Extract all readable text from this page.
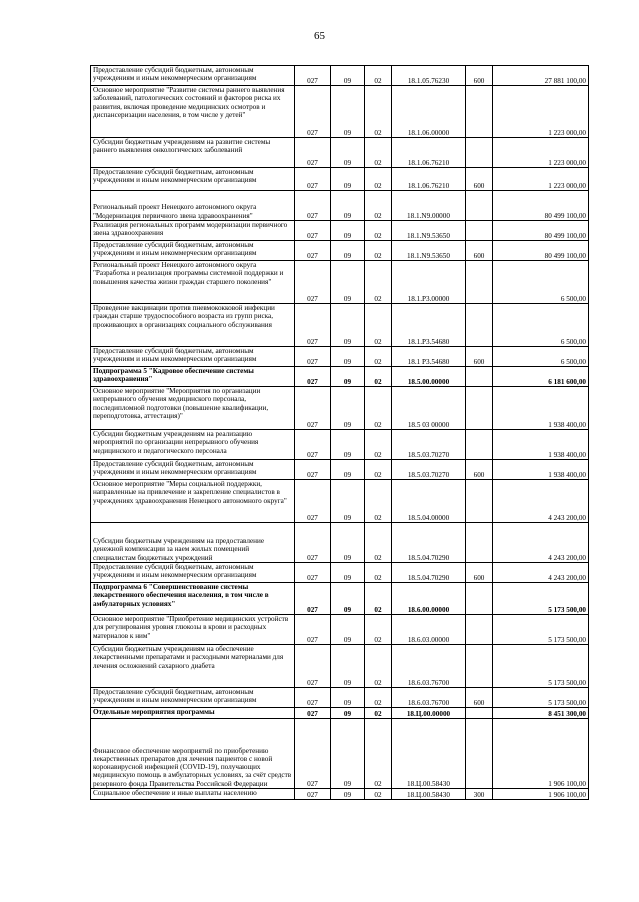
65
Предоставление субсидий бюджетным, автономным учреждениям и иным некоммерческим организациям	027	09	02	18.1.05.76230	600	27 881 100,00
Основное мероприятие "Развитие системы раннего выявления заболеваний, патологических состояний и факторов риска их развития, включая проведение медицинских осмотров и диспансеризации населения, в том числе у детей"	027	09	02	18.1.06.00000		1 223 000,00
Субсидии бюджетным учреждениям на развитие системы раннего выявления онкологических заболеваний	027	09	02	18.1.06.76210		1 223 000,00
Предоставление субсидий бюджетным, автономным учреждениям и иным некоммерческим организациям	027	09	02	18.1.06.76210	600	1 223 000,00
Региональный проект Ненецкого автономного округа "Модернизация первичного звена здравоохранения"	027	09	02	18.1.N9.00000		80 499 100,00
Реализация региональных программ модернизации первичного звена здравоохранения	027	09	02	18.1.N9.53650		80 499 100,00
Предоставление субсидий бюджетным, автономным учреждениям и иным некоммерческим организациям	027	09	02	18.1.N9.53650	600	80 499 100,00
Региональный проект Ненецкого автономного округа "Разработка и реализация программы системной поддержки и повышения качества жизни граждан старшего поколения"	027	09	02	18.1.P3.00000		6 500,00
Проведение вакцинации против пневмококковой инфекции граждан старше трудоспособного возраста из групп риска, проживающих в организациях социального обслуживания	027	09	02	18.1.P3.54680		6 500,00
Предоставление субсидий бюджетным, автономным учреждениям и иным некоммерческим организациям	027	09	02	18.1 P3.54680	600	6 500,00
Подпрограмма 5 "Кадровое обеспечение системы здравоохранения"	027	09	02	18.5.00.00000		6 181 600,00
Основное мероприятие "Мероприятия по организации непрерывного обучения медицинского персонала, последипломной подготовки (повышение квалификации, переподготовка, аттестация)"	027	09	02	18.5 03 00000		1 938 400,00
Субсидии бюджетным учреждениям на реализацию мероприятий по организации непрерывного обучения медицинского и педагогического персонала	027	09	02	18.5.03.70270		1 938 400,00
Предоставление субсидий бюджетным, автономным учреждениям и иным некоммерческим организациям	027	09	02	18.5.03.70270	600	1 938 400,00
Основное мероприятие "Меры социальной поддержки, направленные на привлечение и закрепление специалистов в учреждениях здравоохранения Ненецкого автономного округа"	027	09	02	18.5.04.00000		4 243 200,00
Субсидии бюджетным учреждениям на предоставление денежной компенсации за наем жилых помещений специалистам бюджетных учреждений	027	09	02	18.5.04.70290		4 243 200,00
Предоставление субсидий бюджетным, автономным учреждениям и иным некоммерческим организациям	027	09	02	18.5.04.70290	600	4 243 200,00
Подпрограмма 6 "Совершенствование системы лекарственного обеспечения населения, в том числе в амбулаторных условиях"	027	09	02	18.6.00.00000		5 173 500,00
Основное мероприятие "Приобретение медицинских устройств для регулирования уровня глюкозы в крови и расходных материалов к ним"	027	09	02	18.6.03.00000		5 173 500,00
Субсидии бюджетным учреждениям на обеспечение лекарственными препаратами и расходными материалами для лечения осложнений сахарного диабета	027	09	02	18.6.03.76700		5 173 500,00
Предоставление субсидий бюджетным, автономным учреждениям и иным некоммерческим организациям	027	09	02	18.6.03.76700	600	5 173 500,00
Отдельные мероприятия программы	027	09	02	18.Ц.00.00000		8 451 300,00
Финансовое обеспечение мероприятий по приобретению лекарственных препаратов для лечения пациентов с новой коронавирусной инфекцией (COVID-19), получающих медицинскую помощь в амбулаторных условиях, за счёт средств резервного фонда Правительства Российской Федерации	027	09	02	18.Ц.00.58430		1 906 100,00
Социальное обеспечение и иные выплаты населению	027	09	02	18.Ц.00.58430	300	1 906 100,00
